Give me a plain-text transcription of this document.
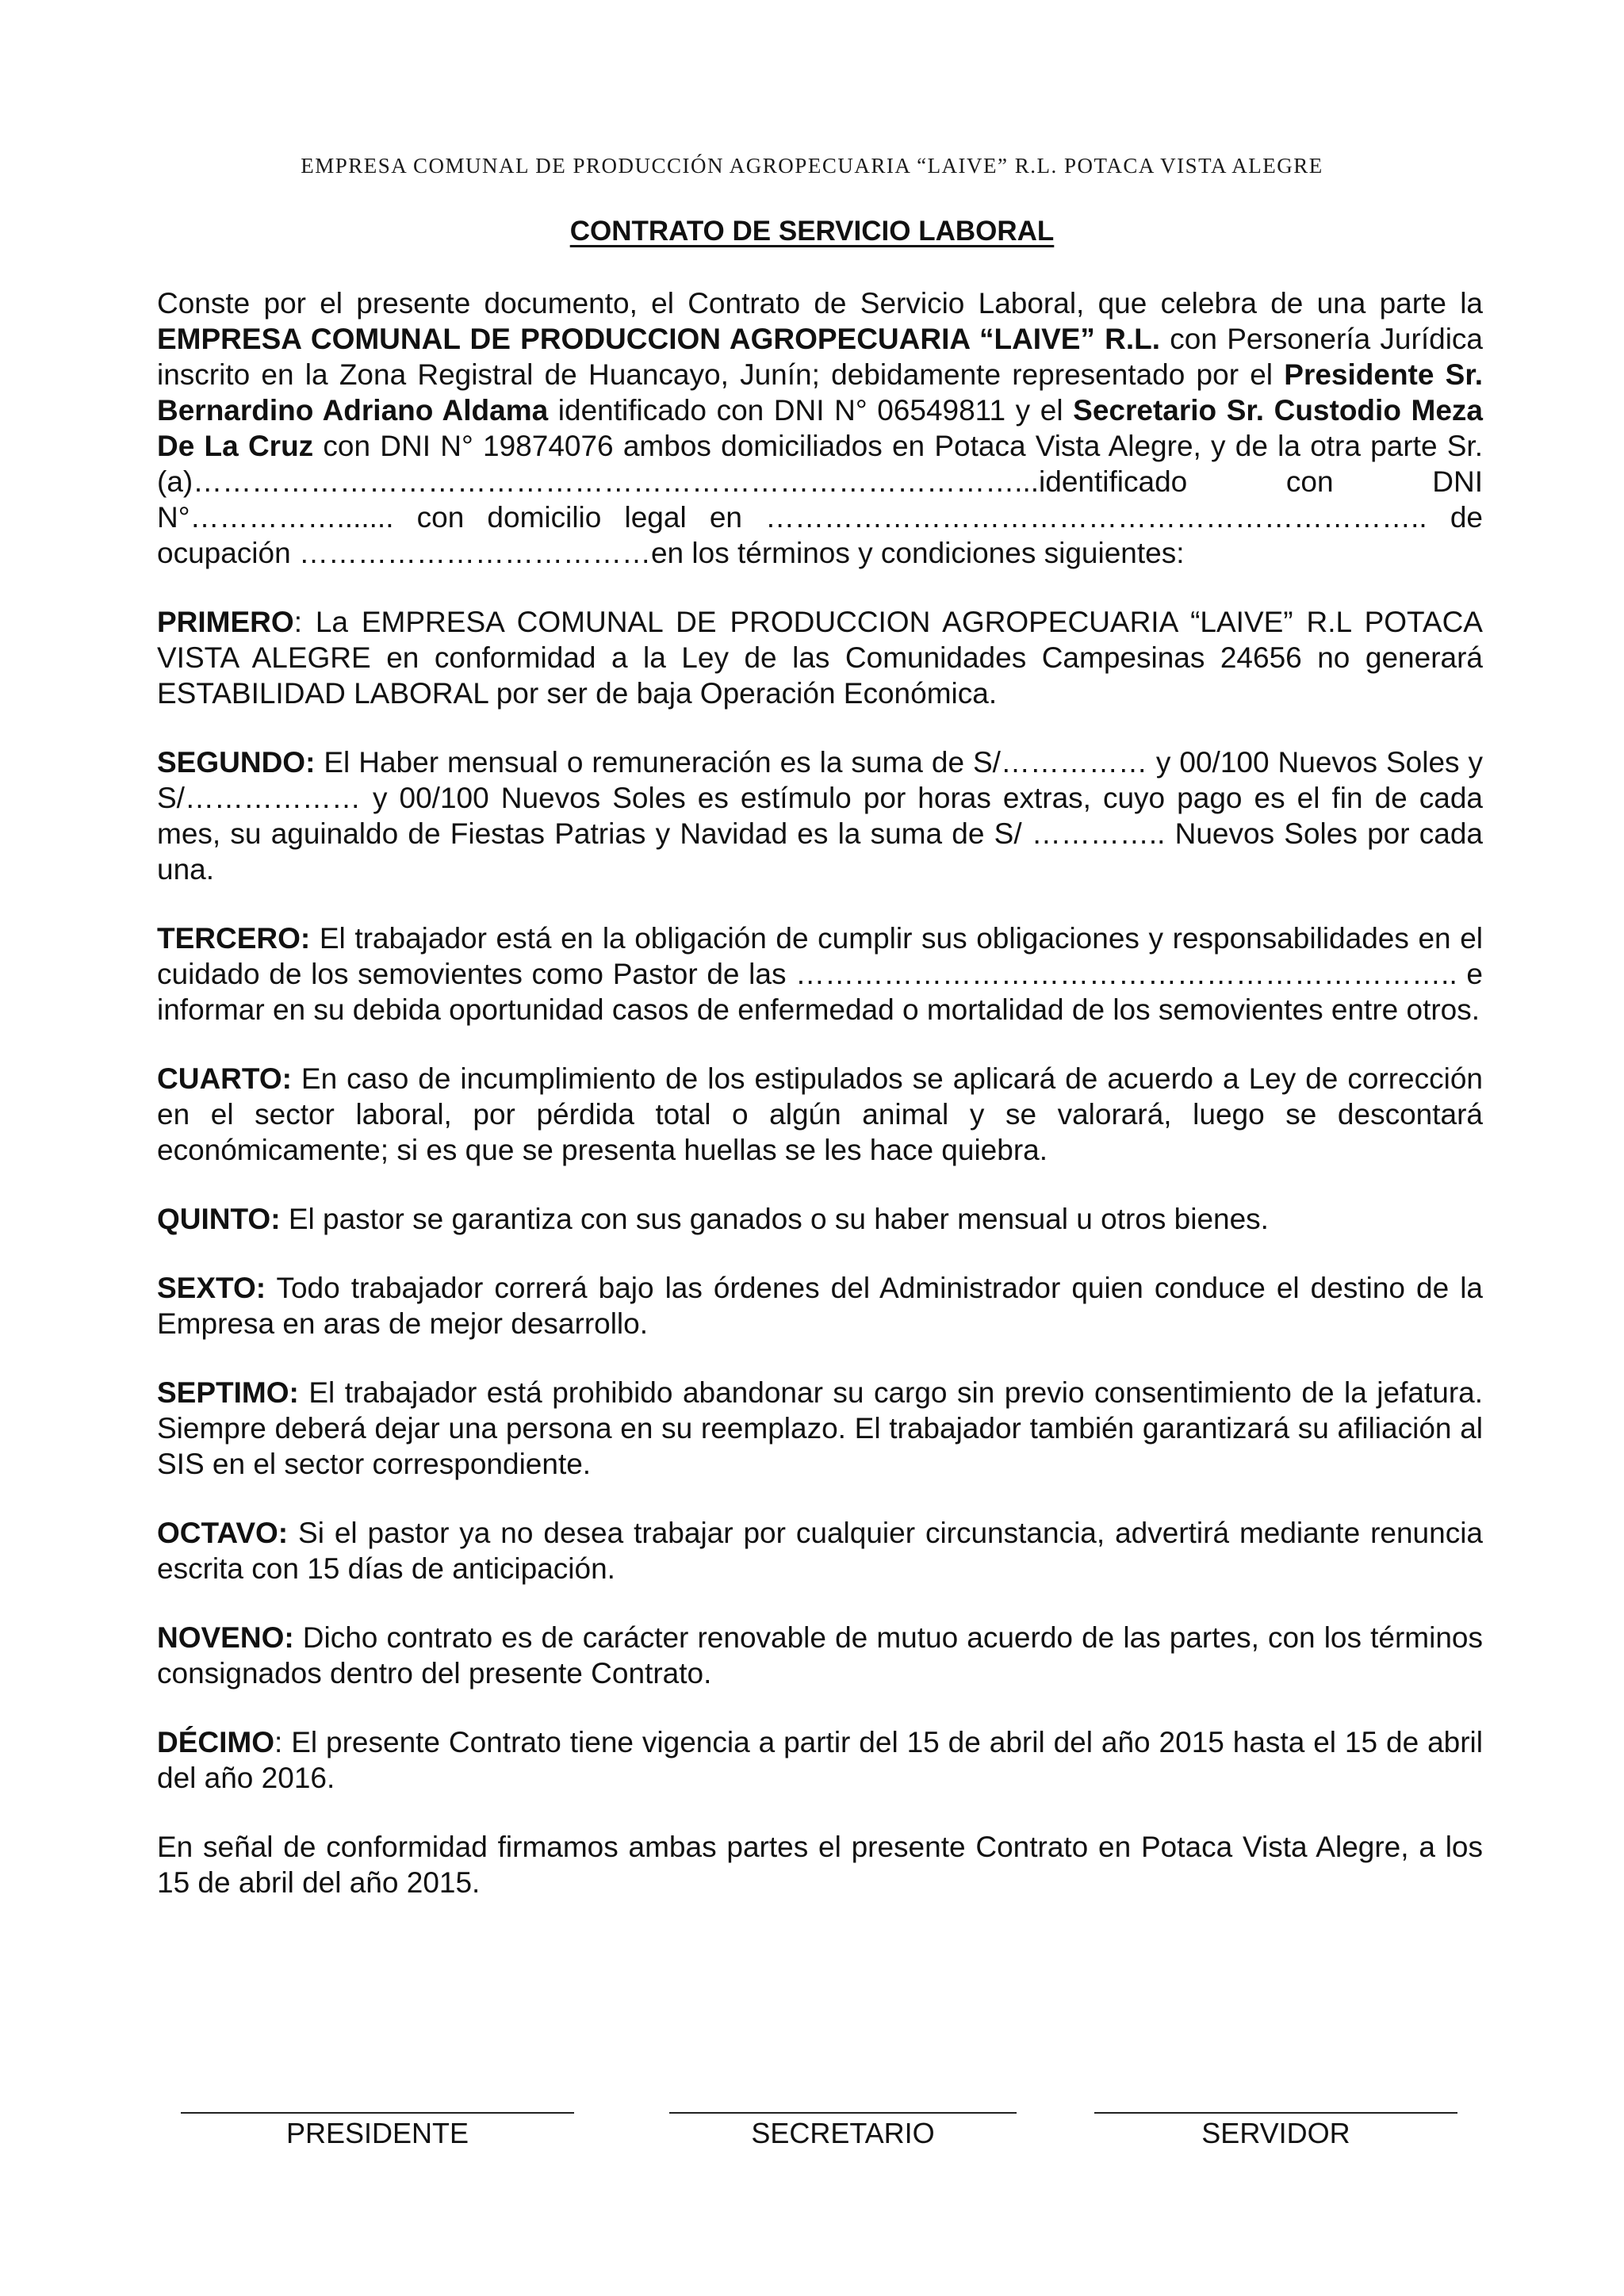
EMPRESA COMUNAL DE PRODUCCIÓN AGROPECUARIA “LAIVE” R.L. POTACA VISTA ALEGRE
CONTRATO DE SERVICIO LABORAL

Conste por el presente documento, el Contrato de Servicio Laboral, que celebra de una parte la EMPRESA COMUNAL DE PRODUCCION AGROPECUARIA “LAIVE” R.L. con Personería Jurídica inscrito en la Zona Registral de Huancayo, Junín; debidamente representado por el Presidente Sr. Bernardino Adriano Aldama identificado con DNI N° 06549811 y el Secretario Sr. Custodio Meza De La Cruz con DNI N° 19874076 ambos domiciliados en Potaca Vista Alegre, y de la otra parte Sr.(a)…………………………………………………………………………...identificado con DNI N°……………....... con domicilio legal en ………………………………………………………….. de ocupación ………………………………en los términos y condiciones siguientes:

PRIMERO: La EMPRESA COMUNAL DE PRODUCCION AGROPECUARIA “LAIVE” R.L POTACA VISTA ALEGRE en conformidad a la Ley de las Comunidades Campesinas 24656 no generará ESTABILIDAD LABORAL por ser de baja Operación Económica.

SEGUNDO: El Haber mensual o remuneración es la suma de S/…………… y 00/100 Nuevos Soles y S/……………… y 00/100 Nuevos Soles es estímulo por horas extras, cuyo pago es el fin de cada mes, su aguinaldo de Fiestas Patrias y Navidad es la suma de S/ ………….. Nuevos Soles por cada una.

TERCERO: El trabajador está en la obligación de cumplir sus obligaciones y responsabilidades en el cuidado de los semovientes como Pastor de las ………………………………………………………….. e informar en su debida oportunidad casos de enfermedad o mortalidad de los semovientes entre otros.

CUARTO: En caso de incumplimiento de los estipulados se aplicará de acuerdo a Ley de corrección en el sector laboral, por pérdida total o algún animal y se valorará, luego se descontará económicamente; si es que se presenta huellas se les hace quiebra.

QUINTO: El pastor se garantiza con sus ganados o su haber mensual u otros bienes.

SEXTO: Todo trabajador correrá bajo las órdenes del Administrador quien conduce el destino de la Empresa en aras de mejor desarrollo.

SEPTIMO: El trabajador está prohibido abandonar su cargo sin previo consentimiento de la jefatura. Siempre deberá dejar una persona en su reemplazo. El trabajador también garantizará su afiliación al SIS en el sector correspondiente.

OCTAVO: Si el pastor ya no desea trabajar por cualquier circunstancia, advertirá mediante renuncia escrita con 15 días de anticipación.

NOVENO: Dicho contrato es de carácter renovable de mutuo acuerdo de las partes, con los términos consignados dentro del presente Contrato.

DÉCIMO: El presente Contrato tiene vigencia a partir del 15 de abril del año 2015 hasta el 15 de abril del año 2016.

En señal de conformidad firmamos ambas partes el presente Contrato en Potaca Vista Alegre, a los 15 de abril del año 2015.

PRESIDENTE	SECRETARIO	SERVIDOR
